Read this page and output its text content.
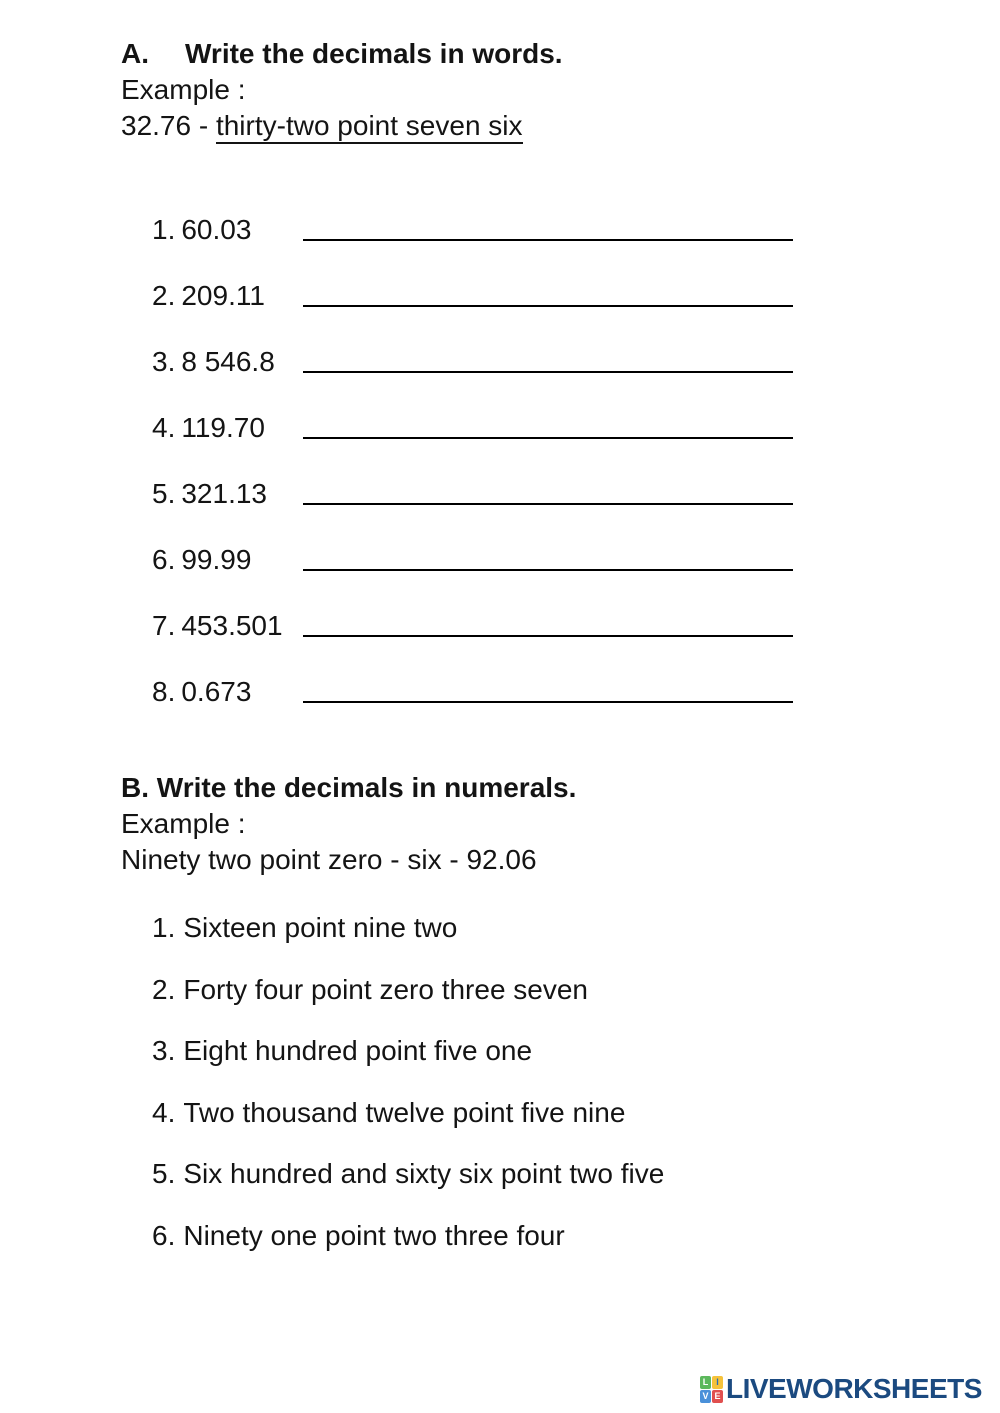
A. Write the decimals in words.
Example :
32.76 - thirty-two point seven six
1. 60.03
2. 209.11
3. 8 546.8
4. 119.70
5. 321.13
6. 99.99
7. 453.501
8. 0.673
B. Write the decimals in numerals.
Example :
Ninety two point zero - six - 92.06
1. Sixteen point nine two
2. Forty four point zero three seven
3. Eight hundred point five one
4. Two thousand twelve point five nine
5. Six hundred and sixty six point two five
6. Ninety one point two three four
L I
V E LIVEWORKSHEETS
